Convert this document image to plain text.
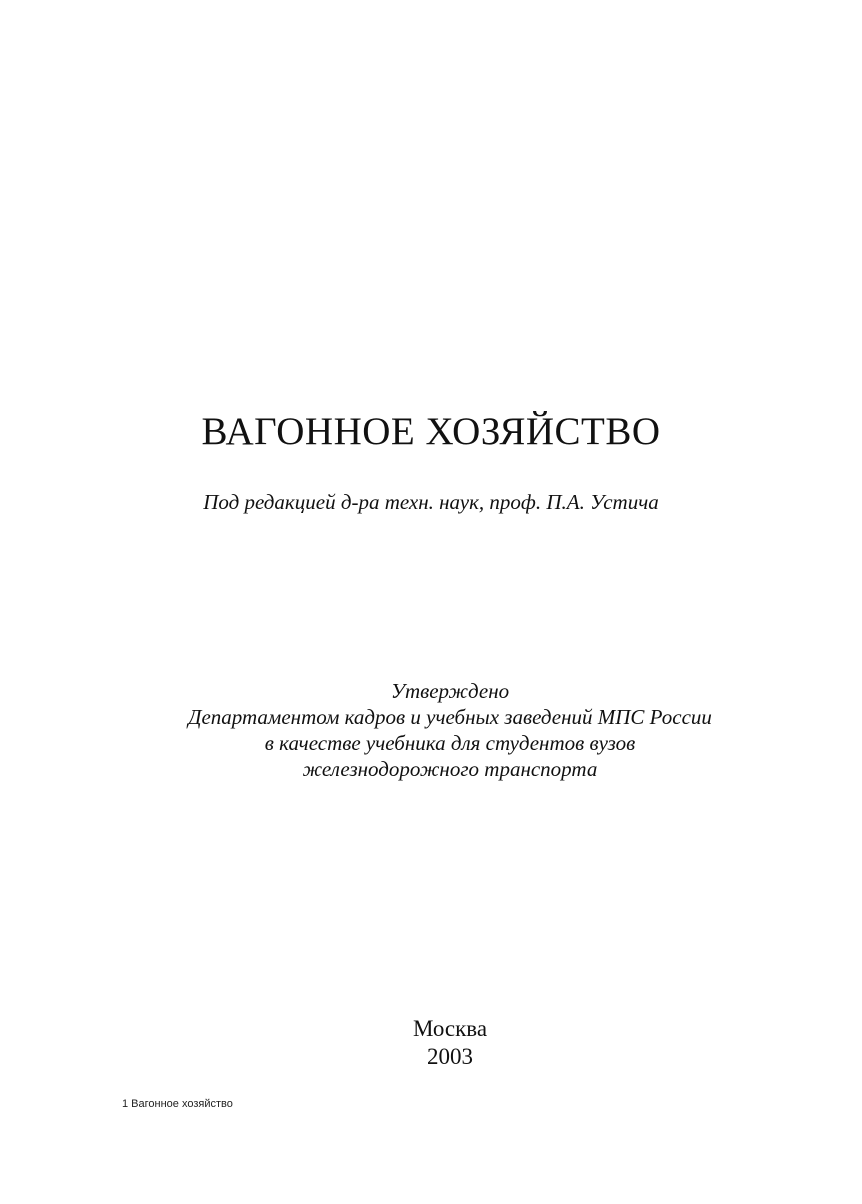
ВАГОННОЕ ХОЗЯЙСТВО
Под редакцией д-ра техн. наук, проф. П.А. Устича
Утверждено
Департаментом кадров и учебных заведений МПС России
в качестве учебника для студентов вузов
железнодорожного транспорта
Москва
2003
1 Вагонное хозяйство
